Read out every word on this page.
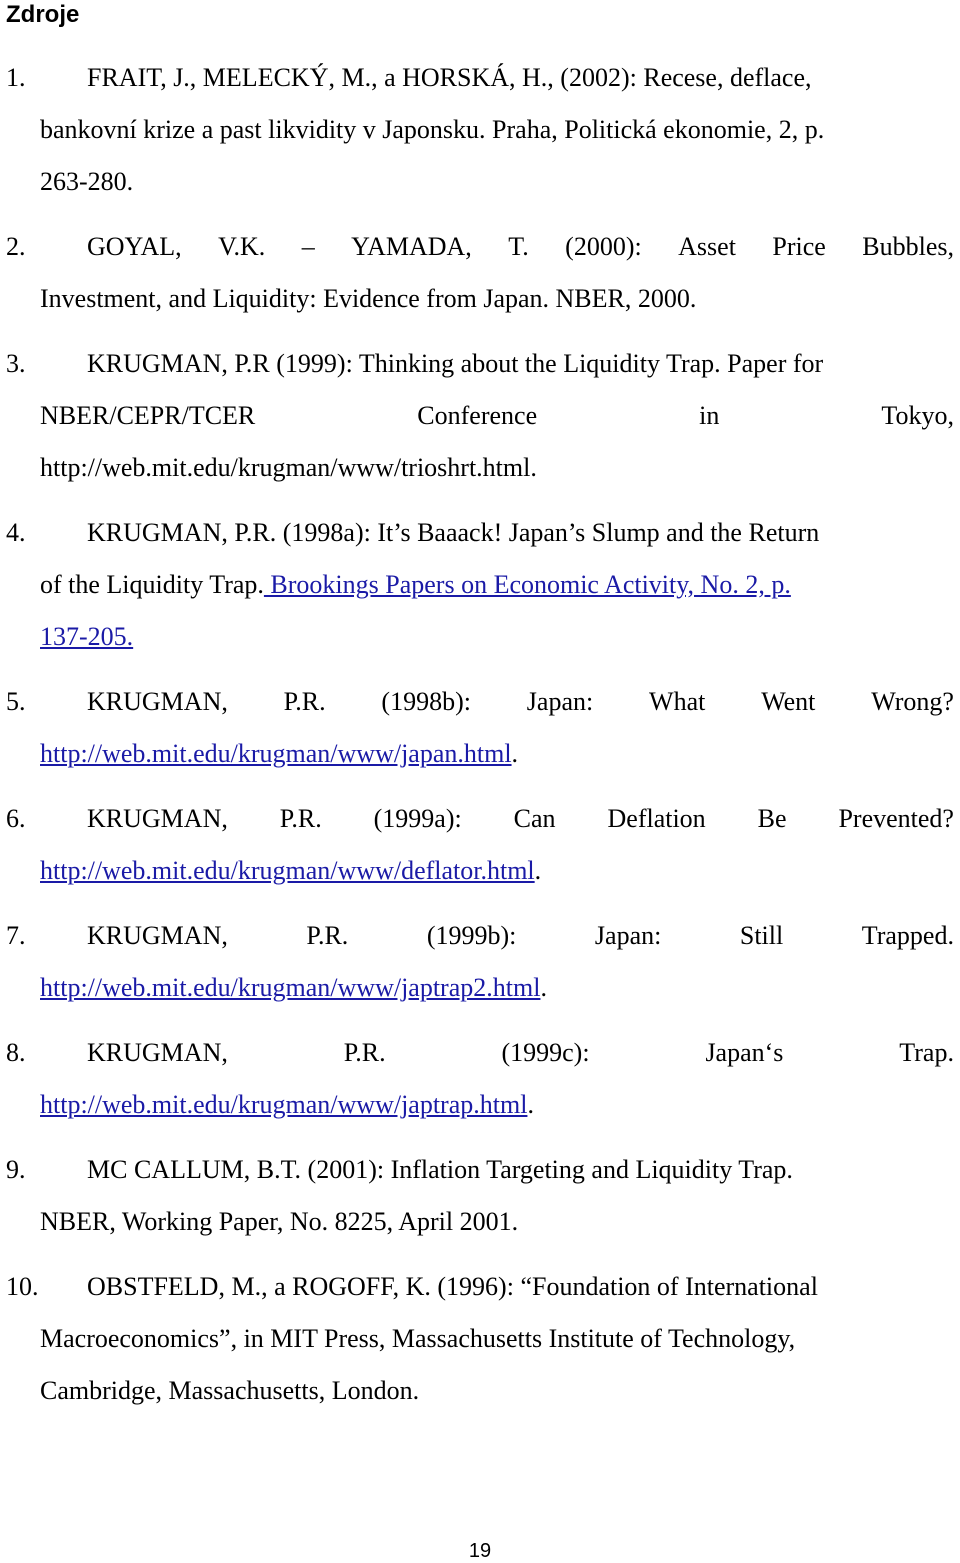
Zdroje
1. FRAIT, J., MELECKÝ, M., a HORSKÁ, H., (2002): Recese, deflace,
bankovní krize a past likvidity v Japonsku. Praha, Politická ekonomie, 2, p.
263-280.
2. GOYAL, V.K. – YAMADA, T. (2000): Asset Price Bubbles,
Investment, and Liquidity: Evidence from Japan. NBER, 2000.
3. KRUGMAN, P.R (1999): Thinking about the Liquidity Trap. Paper for
NBER/CEPR/TCER	Conference	in	Tokyo,
http://web.mit.edu/krugman/www/trioshrt.html.
4. KRUGMAN, P.R. (1998a): It’s Baaack! Japan’s Slump and the Return
of the Liquidity Trap. Brookings Papers on Economic Activity, No. 2, p.
137-205.
5. KRUGMAN, P.R. (1998b): Japan: What Went Wrong?
http://web.mit.edu/krugman/www/japan.html.
6. KRUGMAN, P.R. (1999a): Can Deflation Be Prevented?
http://web.mit.edu/krugman/www/deflator.html.
7. KRUGMAN,	P.R.	(1999b):	Japan:	Still	Trapped.
http://web.mit.edu/krugman/www/japtrap2.html.
8. KRUGMAN,	P.R.	(1999c):	Japan‘s	Trap.
http://web.mit.edu/krugman/www/japtrap.html.
9. MC CALLUM, B.T. (2001): Inflation Targeting and Liquidity Trap.
NBER, Working Paper, No. 8225, April 2001.
10. OBSTFELD, M., a ROGOFF, K. (1996): “Foundation of International
Macroeconomics”, in MIT Press, Massachusetts Institute of Technology,
Cambridge, Massachusetts, London.
19
